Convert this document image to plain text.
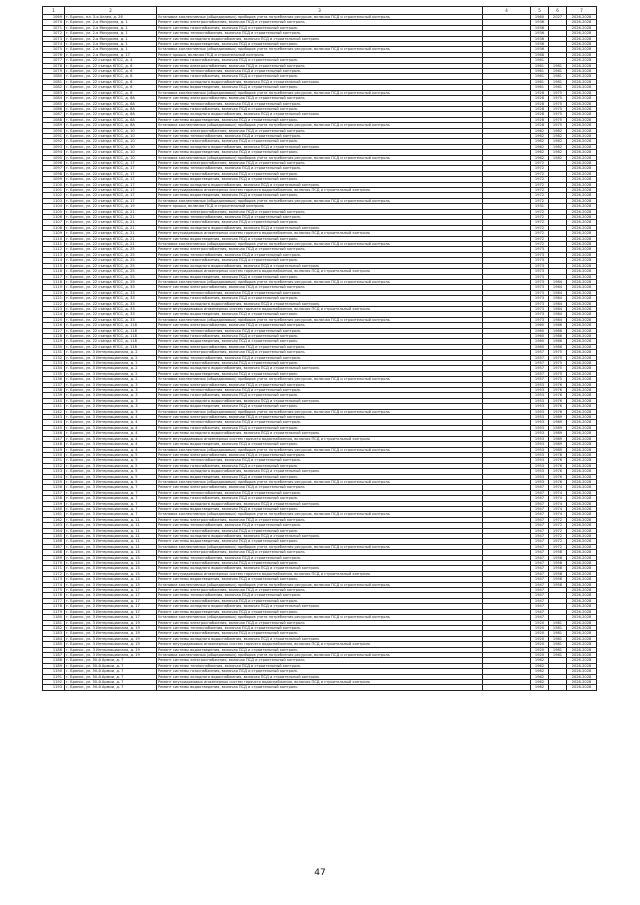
1	2	3	4	5	6	7
1069	г. Брянск, пл. 3-я Аллея, д. 26	Установка коллективных (общедомовых) приборов учета потребления ресурсов, включая ПСД и строительный контроль		1960	2027	2026-2028
1070	г. Брянск, ул. 2-я Мичурина, д. 1	Ремонт системы электроснабжения, включая ПСД и строительный контроль		1936		2026-2028
1071	г. Брянск, ул. 2-я Мичурина, д. 1	Ремонт системы газоснабжения, включая ПСД и строительный контроль		1936		2026-2028
1072	г. Брянск, ул. 2-я Мичурина, д. 1	Ремонт системы теплоснабжения, включая ПСД и строительный контроль		1936		2026-2028
1073	г. Брянск, ул. 2-я Мичурина, д. 1	Ремонт системы холодного водоснабжения, включая ПСД и строительный контроль		1936		2026-2028
1074	г. Брянск, ул. 2-я Мичурина, д. 1	Ремонт системы водоотведения, включая ПСД и строительный контроль		1936		2026-2028
1075	г. Брянск, ул. 2-я Мичурина, д. 1	Установка коллективных (общедомовых) приборов учета потребления ресурсов, включая ПСД и строительный контроль		1936		2026-2028
1076	г. Брянск, ул. 2-я Мичурина, д. 17	Ремонт крыши, включая ПСД и строительный контроль		1968		2026-2028
1077	г. Брянск, ул. 22 съезда КПСС, д. 4	Ремонт системы газоснабжения, включая ПСД и строительный контроль		1961		2026-2028
1078	г. Брянск, ул. 22 съезда КПСС, д. 6	Ремонт системы электроснабжения, включая ПСД и строительный контроль		1961	1981	2026-2028
1079	г. Брянск, ул. 22 съезда КПСС, д. 6	Ремонт системы теплоснабжения, включая ПСД и строительный контроль		1961	1981	2026-2028
1080	г. Брянск, ул. 22 съезда КПСС, д. 6	Ремонт системы газоснабжения, включая ПСД и строительный контроль		1961	1981	2026-2028
1081	г. Брянск, ул. 22 съезда КПСС, д. 6	Ремонт системы холодного водоснабжения, включая ПСД и строительный контроль		1961	1981	2026-2028
1082	г. Брянск, ул. 22 съезда КПСС, д. 6	Ремонт системы водоотведения, включая ПСД и строительный контроль		1961	1981	2026-2028
1083	г. Брянск, ул. 22 съезда КПСС, д. 6	Установка коллективных (общедомовых) приборов учета потребления ресурсов, включая ПСД и строительный контроль		1928	1975	2026-2028
1084	г. Брянск, ул. 22 съезда КПСС, д. 6А	Ремонт системы электроснабжения, включая ПСД и строительный контроль		1928	1975	2026-2028
1085	г. Брянск, ул. 22 съезда КПСС, д. 6А	Ремонт системы теплоснабжения, включая ПСД и строительный контроль		1928	1975	2026-2028
1086	г. Брянск, ул. 22 съезда КПСС, д. 6А	Ремонт системы газоснабжения, включая ПСД и строительный контроль		1928	1975	2026-2028
1087	г. Брянск, ул. 22 съезда КПСС, д. 6А	Ремонт системы холодного водоснабжения, включая ПСД и строительный контроль		1928	1975	2026-2028
1088	г. Брянск, ул. 22 съезда КПСС, д. 6А	Ремонт системы водоотведения, включая ПСД и строительный контроль		1928	1975	2026-2028
1089	г. Брянск, ул. 22 съезда КПСС, д. 6А	Установка коллективных (общедомовых) приборов учета потребления ресурсов, включая ПСД и строительный контроль		1928	1975	2026-2028
1090	г. Брянск, ул. 22 съезда КПСС, д. 10	Ремонт системы электроснабжения, включая ПСД и строительный контроль		1962	1982	2026-2028
1091	г. Брянск, ул. 22 съезда КПСС, д. 10	Ремонт системы теплоснабжения, включая ПСД и строительный контроль		1962	1982	2026-2028
1092	г. Брянск, ул. 22 съезда КПСС, д. 10	Ремонт системы газоснабжения, включая ПСД и строительный контроль		1962	1982	2026-2028
1093	г. Брянск, ул. 22 съезда КПСС, д. 10	Ремонт системы холодного водоснабжения, включая ПСД и строительный контроль		1962	1982	2026-2028
1094	г. Брянск, ул. 22 съезда КПСС, д. 10	Ремонт системы водоотведения, включая ПСД и строительный контроль		1962	1982	2026-2028
1095	г. Брянск, ул. 22 съезда КПСС, д. 10	Установка коллективных (общедомовых) приборов учета потребления ресурсов, включая ПСД и строительный контроль		1962	1982	2026-2028
1096	г. Брянск, ул. 22 съезда КПСС, д. 17	Ремонт системы электроснабжения, включая ПСД и строительный контроль		1972		2026-2028
1097	г. Брянск, ул. 22 съезда КПСС, д. 17	Ремонт системы теплоснабжения, включая ПСД и строительный контроль		1972		2026-2028
1098	г. Брянск, ул. 22 съезда КПСС, д. 17	Ремонт системы газоснабжения, включая ПСД и строительный контроль		1972		2026-2028
1099	г. Брянск, ул. 22 съезда КПСС, д. 17	Ремонт системы водоотведения, включая ПСД и строительный контроль		1972		2026-2028
1100	г. Брянск, ул. 22 съезда КПСС, д. 17	Ремонт системы холодного водоснабжения, включая ПСД и строительный контроль		1972		2026-2028
1101	г. Брянск, ул. 22 съезда КПСС, д. 17	Ремонт внутридомовых инженерных систем горячего водоснабжения, включая ПСД и строительный контроль		1972		2026-2028
1102	г. Брянск, ул. 22 съезда КПСС, д. 17	Ремонт системы водоотведения, включая ПСД и строительный контроль		1972		2026-2028
1103	г. Брянск, ул. 22 съезда КПСС, д. 17	Установка коллективных (общедомовых) приборов учета потребления ресурсов, включая ПСД и строительный контроль		1972		2026-2028
1104	г. Брянск, ул. 22 съезда КПСС, д. 19	Ремонт крыши, включая ПСД и строительный контроль		1931		2026-2028
1105	г. Брянск, ул. 22 съезда КПСС, д. 21	Ремонт системы электроснабжения, включая ПСД и строительный контроль		1972		2026-2028
1106	г. Брянск, ул. 22 съезда КПСС, д. 21	Ремонт системы теплоснабжения, включая ПСД и строительный контроль		1972		2026-2028
1107	г. Брянск, ул. 22 съезда КПСС, д. 21	Ремонт системы газоснабжения, включая ПСД и строительный контроль		1972		2026-2028
1108	г. Брянск, ул. 22 съезда КПСС, д. 21	Ремонт системы холодного водоснабжения, включая ПСД и строительный контроль		1972		2026-2028
1109	г. Брянск, ул. 22 съезда КПСС, д. 21	Ремонт внутридомовых инженерных систем горячего водоснабжения, включая ПСД и строительный контроль		1972		2026-2028
1110	г. Брянск, ул. 22 съезда КПСС, д. 21	Ремонт системы водоотведения, включая ПСД и строительный контроль		1972		2026-2028
1111	г. Брянск, ул. 22 съезда КПСС, д. 21	Установка коллективных (общедомовых) приборов учета потребления ресурсов, включая ПСД и строительный контроль		1972		2026-2028
1112	г. Брянск, ул. 22 съезда КПСС, д. 25	Ремонт системы электроснабжения, включая ПСД и строительный контроль		1973		2026-2028
1113	г. Брянск, ул. 22 съезда КПСС, д. 25	Ремонт системы теплоснабжения, включая ПСД и строительный контроль		1973		2026-2028
1114	г. Брянск, ул. 22 съезда КПСС, д. 25	Ремонт системы газоснабжения, включая ПСД и строительный контроль		1973		2026-2028
1115	г. Брянск, ул. 22 съезда КПСС, д. 25	Ремонт системы холодного водоснабжения, включая ПСД и строительный контроль		1973		2026-2028
1116	г. Брянск, ул. 22 съезда КПСС, д. 25	Ремонт внутридомовых инженерных систем горячего водоснабжения, включая ПСД и строительный контроль		1973		2026-2028
1117	г. Брянск, ул. 22 съезда КПСС, д. 25	Ремонт системы водоотведения, включая ПСД и строительный контроль		1973		2026-2028
1118	г. Брянск, ул. 22 съезда КПСС, д. 29	Установка коллективных (общедомовых) приборов учета потребления ресурсов, включая ПСД и строительный контроль		1973	1984	2026-2028
1119	г. Брянск, ул. 22 съезда КПСС, д. 33	Ремонт системы электроснабжения, включая ПСД и строительный контроль		1973	1984	2026-2028
1120	г. Брянск, ул. 22 съезда КПСС, д. 33	Ремонт системы теплоснабжения, включая ПСД и строительный контроль		1973	1984	2026-2028
1121	г. Брянск, ул. 22 съезда КПСС, д. 33	Ремонт системы газоснабжения, включая ПСД и строительный контроль		1973	1984	2026-2028
1122	г. Брянск, ул. 22 съезда КПСС, д. 33	Ремонт системы холодного водоснабжения, включая ПСД и строительный контроль		1973	1984	2026-2028
1123	г. Брянск, ул. 22 съезда КПСС, д. 33	Ремонт внутридомовых инженерных систем горячего водоснабжения, включая ПСД и строительный контроль		1973	1984	2026-2028
1124	г. Брянск, ул. 22 съезда КПСС, д. 33	Ремонт системы водоотведения, включая ПСД и строительный контроль		1973	1984	2026-2028
1125	г. Брянск, ул. 22 съезда КПСС, д. 33	Установка коллективных (общедомовых) приборов учета потребления ресурсов, включая ПСД и строительный контроль		1973	1984	2026-2028
1126	г. Брянск, ул. 22 съезда КПСС, д. 118	Ремонт системы электроснабжения, включая ПСД и строительный контроль		1960	1986	2026-2028
1127	г. Брянск, ул. 22 съезда КПСС, д. 118	Ремонт системы теплоснабжения, включая ПСД и строительный контроль		1960	1986	2026-2028
1128	г. Брянск, ул. 22 съезда КПСС, д. 118	Ремонт системы газоснабжения, включая ПСД и строительный контроль		1960	1986	2026-2028
1129	г. Брянск, ул. 22 съезда КПСС, д. 118	Ремонт системы водоотведения, включая ПСД и строительный контроль		1960	1986	2026-2028
1130	г. Брянск, ул. 22 съезда КПСС, д. 118	Ремонт системы электроснабжения, включая ПСД и строительный контроль		1960	1986	2026-2028
1131	г. Брянск, ул. 3 Интернационала, д. 2	Ремонт системы электроснабжения, включая ПСД и строительный контроль		1957	1975	2026-2028
1132	г. Брянск, ул. 3 Интернационала, д. 2	Ремонт системы теплоснабжения, включая ПСД и строительный контроль		1957	1975	2026-2028
1133	г. Брянск, ул. 3 Интернационала, д. 2	Ремонт системы газоснабжения, включая ПСД и строительный контроль		1957	1975	2026-2028
1134	г. Брянск, ул. 3 Интернационала, д. 2	Ремонт системы холодного водоснабжения, включая ПСД и строительный контроль		1957	1975	2026-2028
1135	г. Брянск, ул. 3 Интернационала, д. 2	Ремонт системы водоотведения, включая ПСД и строительный контроль		1957	1975	2026-2028
1136	г. Брянск, ул. 3 Интернационала, д. 2	Установка коллективных (общедомовых) приборов учета потребления ресурсов, включая ПСД и строительный контроль		1957	1975	2026-2028
1137	г. Брянск, ул. 3 Интернационала, д. 3	Ремонт системы электроснабжения, включая ПСД и строительный контроль		1953	1976	2026-2028
1138	г. Брянск, ул. 3 Интернационала, д. 3	Ремонт системы теплоснабжения, включая ПСД и строительный контроль		1953	1976	2026-2028
1139	г. Брянск, ул. 3 Интернационала, д. 3	Ремонт системы газоснабжения, включая ПСД и строительный контроль		1953	1976	2026-2028
1140	г. Брянск, ул. 3 Интернационала, д. 3	Ремонт системы холодного водоснабжения, включая ПСД и строительный контроль		1953	1976	2026-2028
1141	г. Брянск, ул. 3 Интернационала, д. 3	Ремонт системы водоотведения, включая ПСД и строительный контроль		1953	1976	2026-2028
1142	г. Брянск, ул. 3 Интернационала, д. 3	Установка коллективных (общедомовых) приборов учета потребления ресурсов, включая ПСД и строительный контроль		1953	1976	2026-2028
1143	г. Брянск, ул. 3 Интернационала, д. 4	Ремонт системы электроснабжения, включая ПСД и строительный контроль		1953	1989	2026-2028
1144	г. Брянск, ул. 3 Интернационала, д. 4	Ремонт системы теплоснабжения, включая ПСД и строительный контроль		1953	1989	2026-2028
1145	г. Брянск, ул. 3 Интернационала, д. 4	Ремонт системы газоснабжения, включая ПСД и строительный контроль		1953	1989	2026-2028
1146	г. Брянск, ул. 3 Интернационала, д. 4	Ремонт системы холодного водоснабжения, включая ПСД и строительный контроль		1953	1989	2026-2028
1147	г. Брянск, ул. 3 Интернационала, д. 4	Ремонт внутридомовых инженерных систем горячего водоснабжения, включая ПСД и строительный контроль		1953	1989	2026-2028
1148	г. Брянск, ул. 3 Интернационала, д. 4	Ремонт системы водоотведения, включая ПСД и строительный контроль		1953	1989	2026-2028
1149	г. Брянск, ул. 3 Интернационала, д. 4	Установка коллективных (общедомовых) приборов учета потребления ресурсов, включая ПСД и строительный контроль		1953	1989	2026-2028
1150	г. Брянск, ул. 3 Интернационала, д. 5	Ремонт системы электроснабжения, включая ПСД и строительный контроль		1953	1976	2026-2028
1151	г. Брянск, ул. 3 Интернационала, д. 5	Ремонт системы теплоснабжения, включая ПСД и строительный контроль		1953	1976	2026-2028
1152	г. Брянск, ул. 3 Интернационала, д. 5	Ремонт системы газоснабжения, включая ПСД и строительный контроль		1953	1976	2026-2028
1153	г. Брянск, ул. 3 Интернационала, д. 5	Ремонт системы холодного водоснабжения, включая ПСД и строительный контроль		1953	1976	2026-2028
1154	г. Брянск, ул. 3 Интернационала, д. 5	Ремонт системы водоотведения, включая ПСД и строительный контроль		1953	1976	2026-2028
1155	г. Брянск, ул. 3 Интернационала, д. 5	Установка коллективных (общедомовых) приборов учета потребления ресурсов, включая ПСД и строительный контроль		1953	1976	2026-2028
1156	г. Брянск, ул. 3 Интернационала, д. 7	Ремонт системы электроснабжения, включая ПСД и строительный контроль		1947	1974	2026-2028
1157	г. Брянск, ул. 3 Интернационала, д. 7	Ремонт системы теплоснабжения, включая ПСД и строительный контроль		1947	1974	2026-2028
1158	г. Брянск, ул. 3 Интернационала, д. 7	Ремонт системы газоснабжения, включая ПСД и строительный контроль		1947	1974	2026-2028
1159	г. Брянск, ул. 3 Интернационала, д. 7	Ремонт системы холодного водоснабжения, включая ПСД и строительный контроль		1947	1974	2026-2028
1160	г. Брянск, ул. 3 Интернационала, д. 7	Ремонт системы водоотведения, включая ПСД и строительный контроль		1947	1974	2026-2028
1161	г. Брянск, ул. 3 Интернационала, д. 7	Установка коллективных (общедомовых) приборов учета потребления ресурсов, включая ПСД и строительный контроль		1947	1974	2026-2028
1162	г. Брянск, ул. 3 Интернационала, д. 11	Ремонт системы электроснабжения, включая ПСД и строительный контроль		1947	1972	2026-2028
1163	г. Брянск, ул. 3 Интернационала, д. 11	Ремонт системы теплоснабжения, включая ПСД и строительный контроль		1947	1972	2026-2028
1164	г. Брянск, ул. 3 Интернационала, д. 11	Ремонт системы газоснабжения, включая ПСД и строительный контроль		1947	1972	2026-2028
1165	г. Брянск, ул. 3 Интернационала, д. 11	Ремонт системы холодного водоснабжения, включая ПСД и строительный контроль		1947	1972	2026-2028
1166	г. Брянск, ул. 3 Интернационала, д. 11	Ремонт системы водоотведения, включая ПСД и строительный контроль		1947	1972	2026-2028
1167	г. Брянск, ул. 3 Интернационала, д. 11	Установка коллективных (общедомовых) приборов учета потребления ресурсов, включая ПСД и строительный контроль		1947	1972	2026-2028
1168	г. Брянск, ул. 3 Интернационала, д. 15	Ремонт системы электроснабжения, включая ПСД и строительный контроль		1947	1958	2026-2028
1169	г. Брянск, ул. 3 Интернационала, д. 15	Ремонт системы теплоснабжения, включая ПСД и строительный контроль		1947	1958	2026-2028
1170	г. Брянск, ул. 3 Интернационала, д. 15	Ремонт системы газоснабжения, включая ПСД и строительный контроль		1947	1958	2026-2028
1171	г. Брянск, ул. 3 Интернационала, д. 15	Ремонт системы холодного водоснабжения, включая ПСД и строительный контроль		1947	1958	2026-2028
1172	г. Брянск, ул. 3 Интернационала, д. 15	Ремонт внутридомовых инженерных систем горячего водоснабжения, включая ПСД и строительный контроль		1947	1958	2026-2028
1173	г. Брянск, ул. 3 Интернационала, д. 15	Ремонт системы водоотведения, включая ПСД и строительный контроль		1947	1958	2026-2028
1174	г. Брянск, ул. 3 Интернационала, д. 15	Установка коллективных (общедомовых) приборов учета потребления ресурсов, включая ПСД и строительный контроль		1947	1958	2026-2028
1175	г. Брянск, ул. 3 Интернационала, д. 17	Ремонт системы электроснабжения, включая ПСД и строительный контроль		1947		2026-2028
1176	г. Брянск, ул. 3 Интернационала, д. 17	Ремонт системы теплоснабжения, включая ПСД и строительный контроль		1947		2026-2028
1177	г. Брянск, ул. 3 Интернационала, д. 17	Ремонт системы газоснабжения, включая ПСД и строительный контроль		1947		2026-2028
1178	г. Брянск, ул. 3 Интернационала, д. 17	Ремонт системы холодного водоснабжения, включая ПСД и строительный контроль		1947		2026-2028
1179	г. Брянск, ул. 3 Интернационала, д. 17	Ремонт системы водоотведения, включая ПСД и строительный контроль		1947		2026-2028
1180	г. Брянск, ул. 3 Интернационала, д. 17	Установка коллективных (общедомовых) приборов учета потребления ресурсов, включая ПСД и строительный контроль		1947		2026-2028
1181	г. Брянск, ул. 3 Интернационала, д. 19	Ремонт системы электроснабжения, включая ПСД и строительный контроль		1920	1981	2026-2028
1182	г. Брянск, ул. 3 Интернационала, д. 19	Ремонт системы теплоснабжения, включая ПСД и строительный контроль		1920	1981	2026-2028
1183	г. Брянск, ул. 3 Интернационала, д. 19	Ремонт системы газоснабжения, включая ПСД и строительный контроль		1920	1981	2026-2028
1184	г. Брянск, ул. 3 Интернационала, д. 19	Ремонт системы холодного водоснабжения, включая ПСД и строительный контроль		1920	1981	2026-2028
1185	г. Брянск, ул. 3 Интернационала, д. 19	Ремонт внутридомовых инженерных систем горячего водоснабжения, включая ПСД и строительный контроль		1920	1981	2026-2028
1186	г. Брянск, ул. 3 Интернационала, д. 19	Ремонт системы водоотведения, включая ПСД и строительный контроль		1920	1981	2026-2028
1187	г. Брянск, ул. 3 Интернационала, д. 19	Установка коллективных (общедомовых) приборов учета потребления ресурсов, включая ПСД и строительный контроль		1920	1981	2026-2028
1188	г. Брянск, ул. 50-й Армии, д. 7	Ремонт системы электроснабжения, включая ПСД и строительный контроль		1962		2026-2028
1189	г. Брянск, ул. 50-й Армии, д. 7	Ремонт системы теплоснабжения, включая ПСД и строительный контроль		1962		2026-2028
1190	г. Брянск, ул. 50-й Армии, д. 7	Ремонт системы газоснабжения, включая ПСД и строительный контроль		1962		2026-2028
1191	г. Брянск, ул. 50-й Армии, д. 7	Ремонт системы холодного водоснабжения, включая ПСД и строительный контроль		1962		2026-2028
1192	г. Брянск, ул. 50-й Армии, д. 7	Ремонт внутридомовых инженерных систем горячего водоснабжения, включая ПСД и строительный контроль		1962		2026-2028
1193	г. Брянск, ул. 50-й Армии, д. 7	Ремонт системы водоотведения, включая ПСД и строительный контроль		1962		2026-2028
47
